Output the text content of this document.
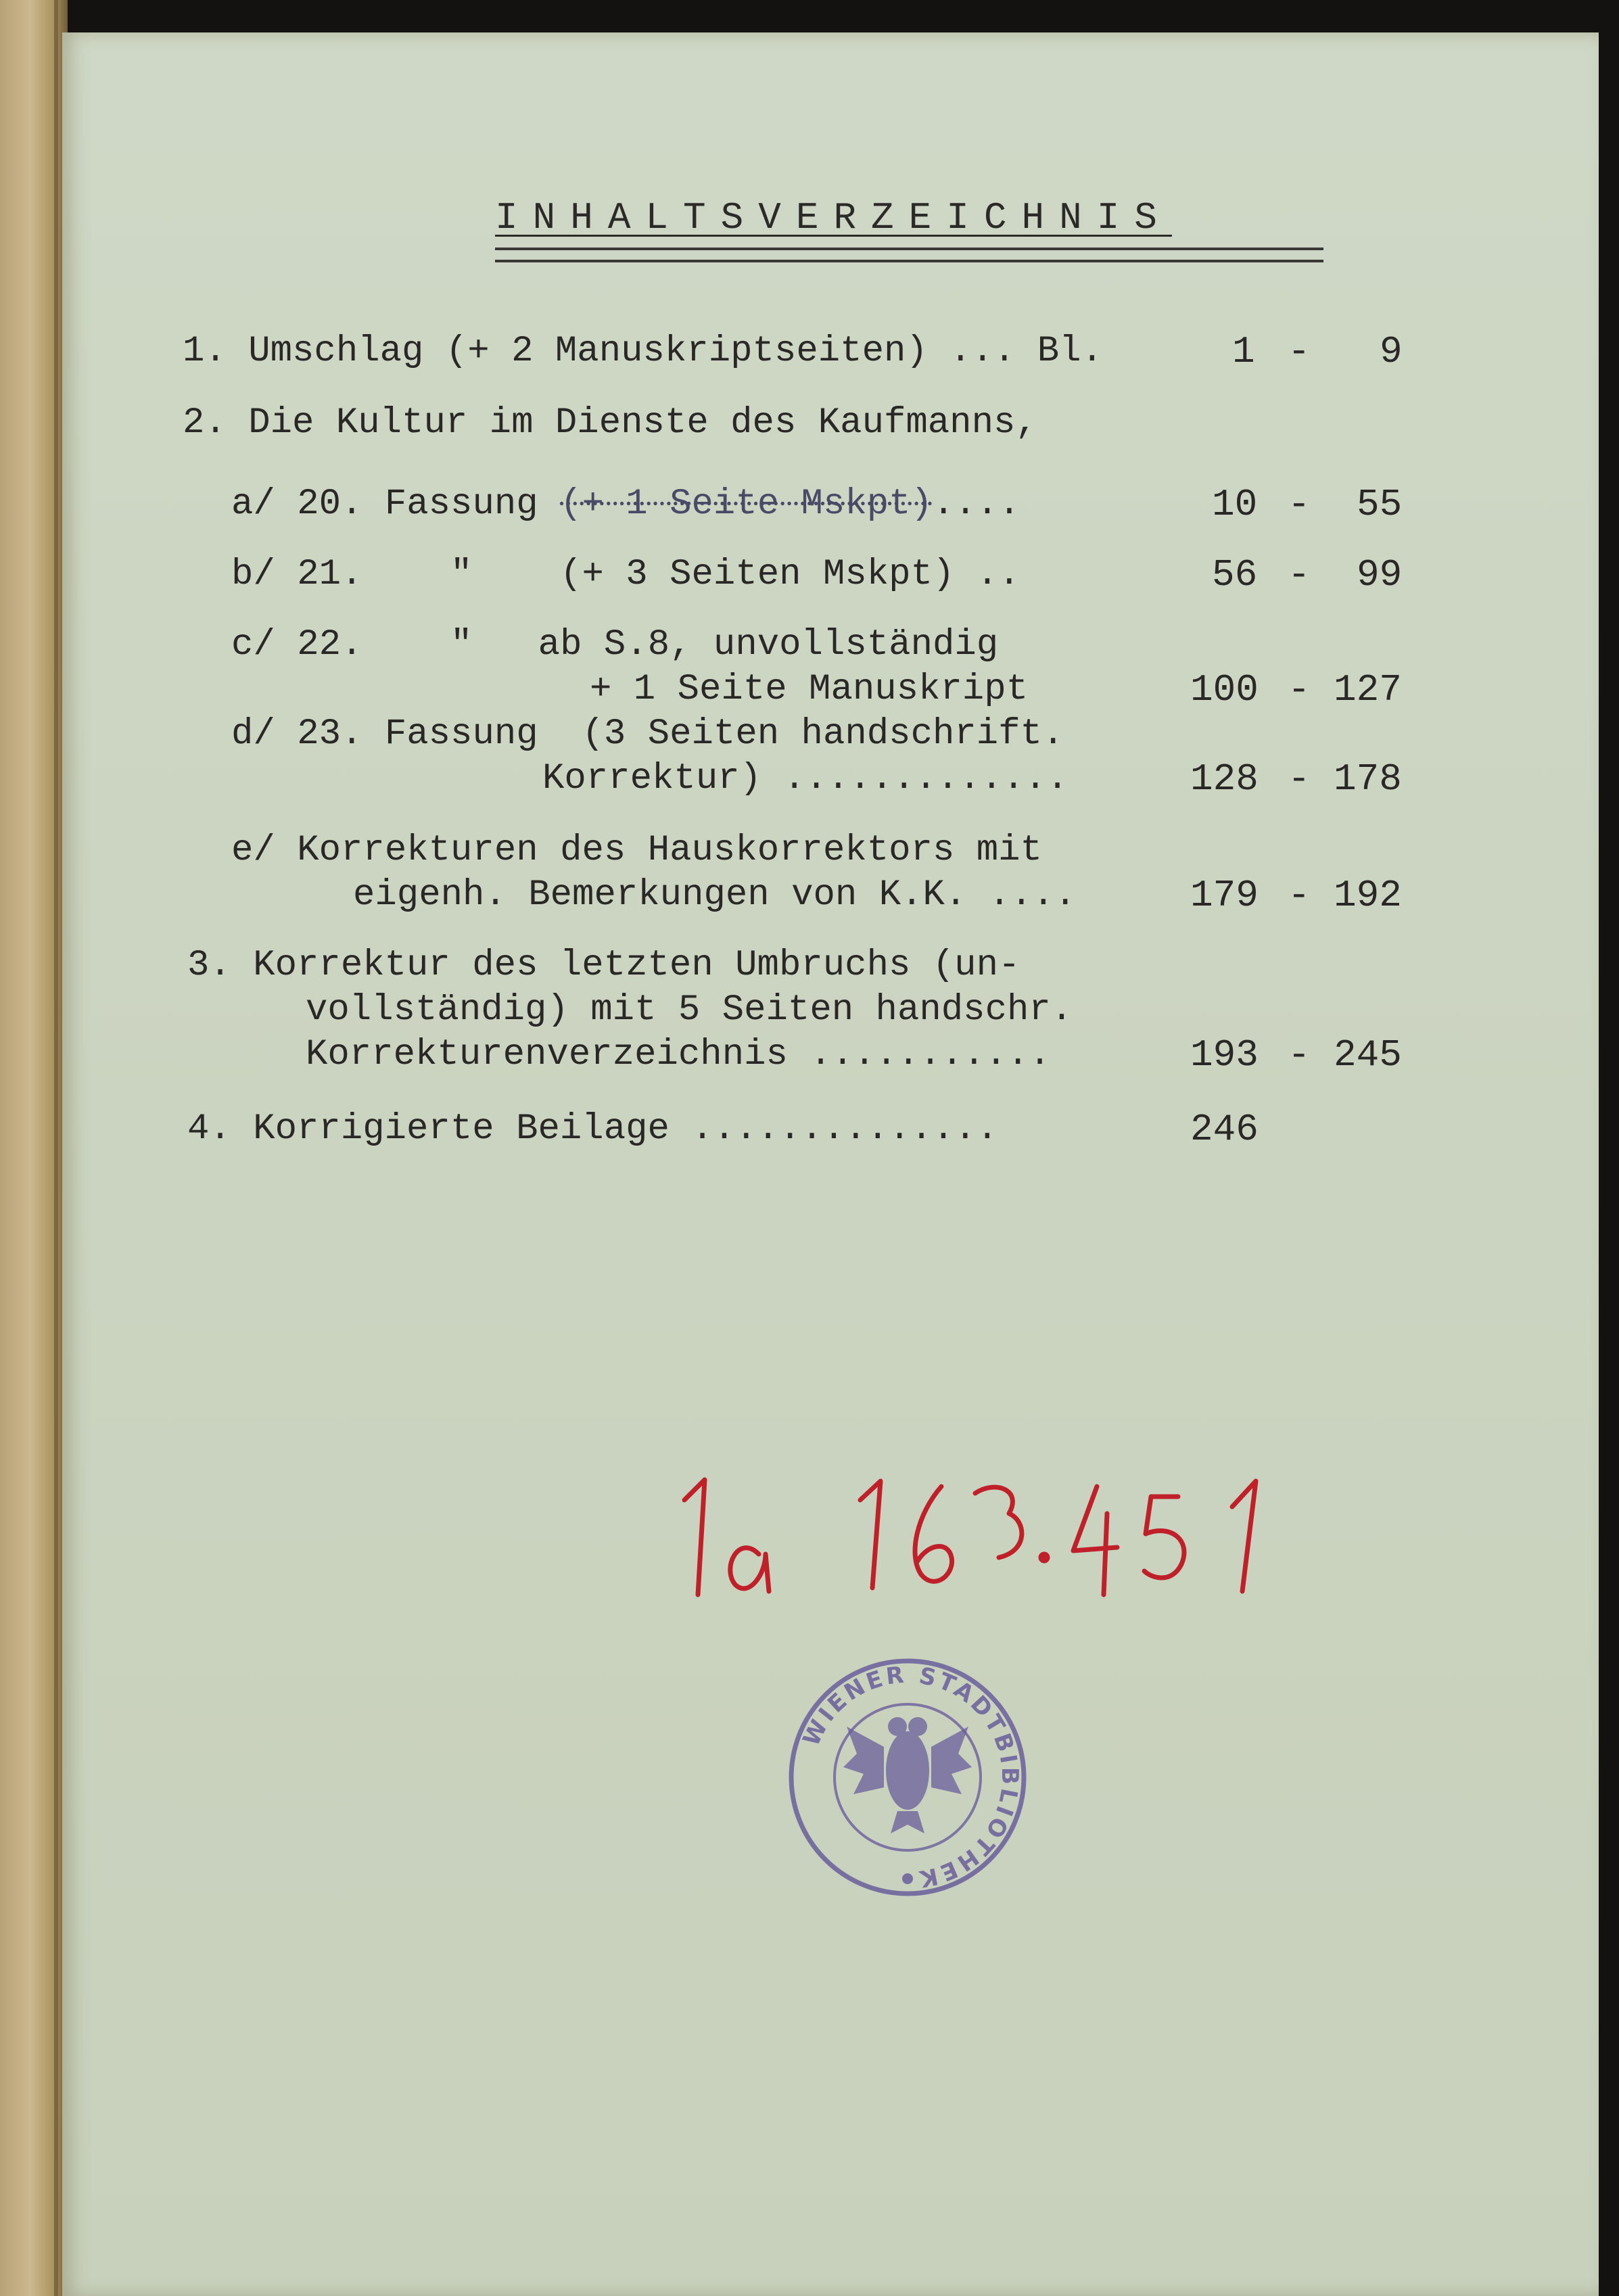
INHALTSVERZEICHNIS
1. Umschlag (+ 2 Manuskriptseiten) ... Bl.	1 - 9
2. Die Kultur im Dienste des Kaufmanns,
a/ 20. Fassung (+ 1 Seite Mskpt)....	10 - 55
b/ 21.    "    (+ 3 Seiten Mskpt) ..	56 - 99
c/ 22.    "   ab S.8, unvollständig
+ 1 Seite Manuskript	100 - 127
d/ 23. Fassung  (3 Seiten handschrift.
Korrektur) .............	128 - 178
e/ Korrekturen des Hauskorrektors mit
eigenh. Bemerkungen von K.K. ....	179 - 192
3. Korrektur des letzten Umbruchs (un-
vollständig) mit 5 Seiten handschr.
Korrekturenverzeichnis ...........	193 - 245
4. Korrigierte Beilage ..............	246
WIENER STADTBIBLIOTHEK
